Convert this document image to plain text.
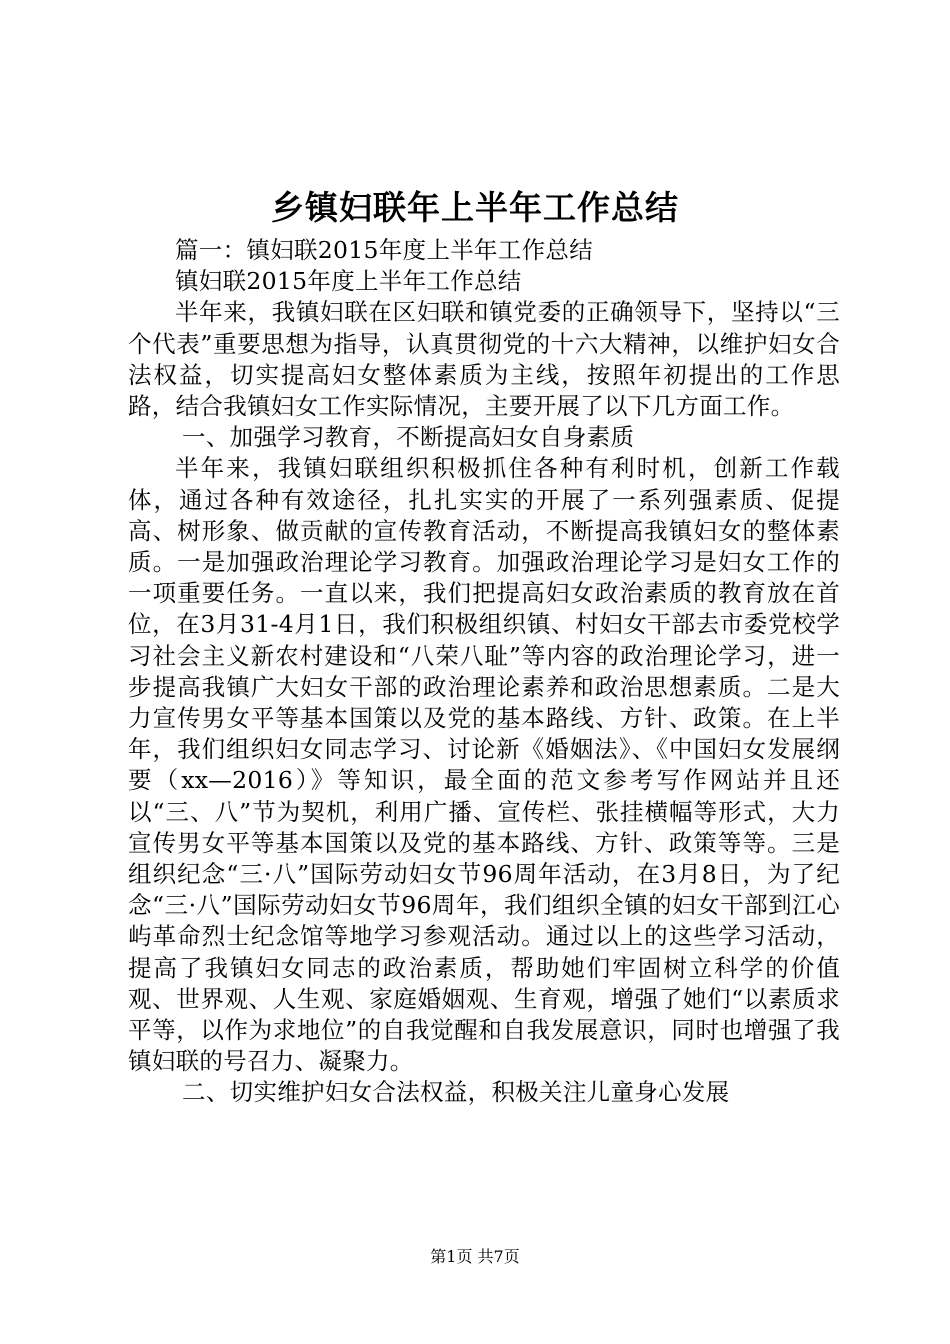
乡镇妇联年上半年工作总结

篇一：镇妇联2015年度上半年工作总结

镇妇联2015年度上半年工作总结

半年来，我镇妇联在区妇联和镇党委的正确领导下，坚持以“三个代表”重要思想为指导，认真贯彻党的十六大精神，以维护妇女合法权益，切实提高妇女整体素质为主线，按照年初提出的工作思路，结合我镇妇女工作实际情况，主要开展了以下几方面工作。

一、加强学习教育，不断提高妇女自身素质

半年来，我镇妇联组织积极抓住各种有利时机，创新工作载体，通过各种有效途径，扎扎实实的开展了一系列强素质、促提高、树形象、做贡献的宣传教育活动，不断提高我镇妇女的整体素质。一是加强政治理论学习教育。加强政治理论学习是妇女工作的一项重要任务。一直以来，我们把提高妇女政治素质的教育放在首位，在3月31-4月1日，我们积极组织镇、村妇女干部去市委党校学习社会主义新农村建设和“八荣八耻”等内容的政治理论学习，进一步提高我镇广大妇女干部的政治理论素养和政治思想素质。二是大力宣传男女平等基本国策以及党的基本路线、方针、政策。在上半年，我们组织妇女同志学习、讨论新《婚姻法》、《中国妇女发展纲要（xx—2016）》等知识，最全面的范文参考写作网站并且还以“三、八”节为契机，利用广播、宣传栏、张挂横幅等形式，大力宣传男女平等基本国策以及党的基本路线、方针、政策等等。三是组织纪念“三·八”国际劳动妇女节96周年活动，在3月8日，为了纪念“三·八”国际劳动妇女节96周年，我们组织全镇的妇女干部到江心屿革命烈士纪念馆等地学习参观活动。通过以上的这些学习活动，提高了我镇妇女同志的政治素质，帮助她们牢固树立科学的价值观、世界观、人生观、家庭婚姻观、生育观，增强了她们“以素质求平等，以作为求地位”的自我觉醒和自我发展意识，同时也增强了我镇妇联的号召力、凝聚力。

二、切实维护妇女合法权益，积极关注儿童身心发展

第1页 共7页
